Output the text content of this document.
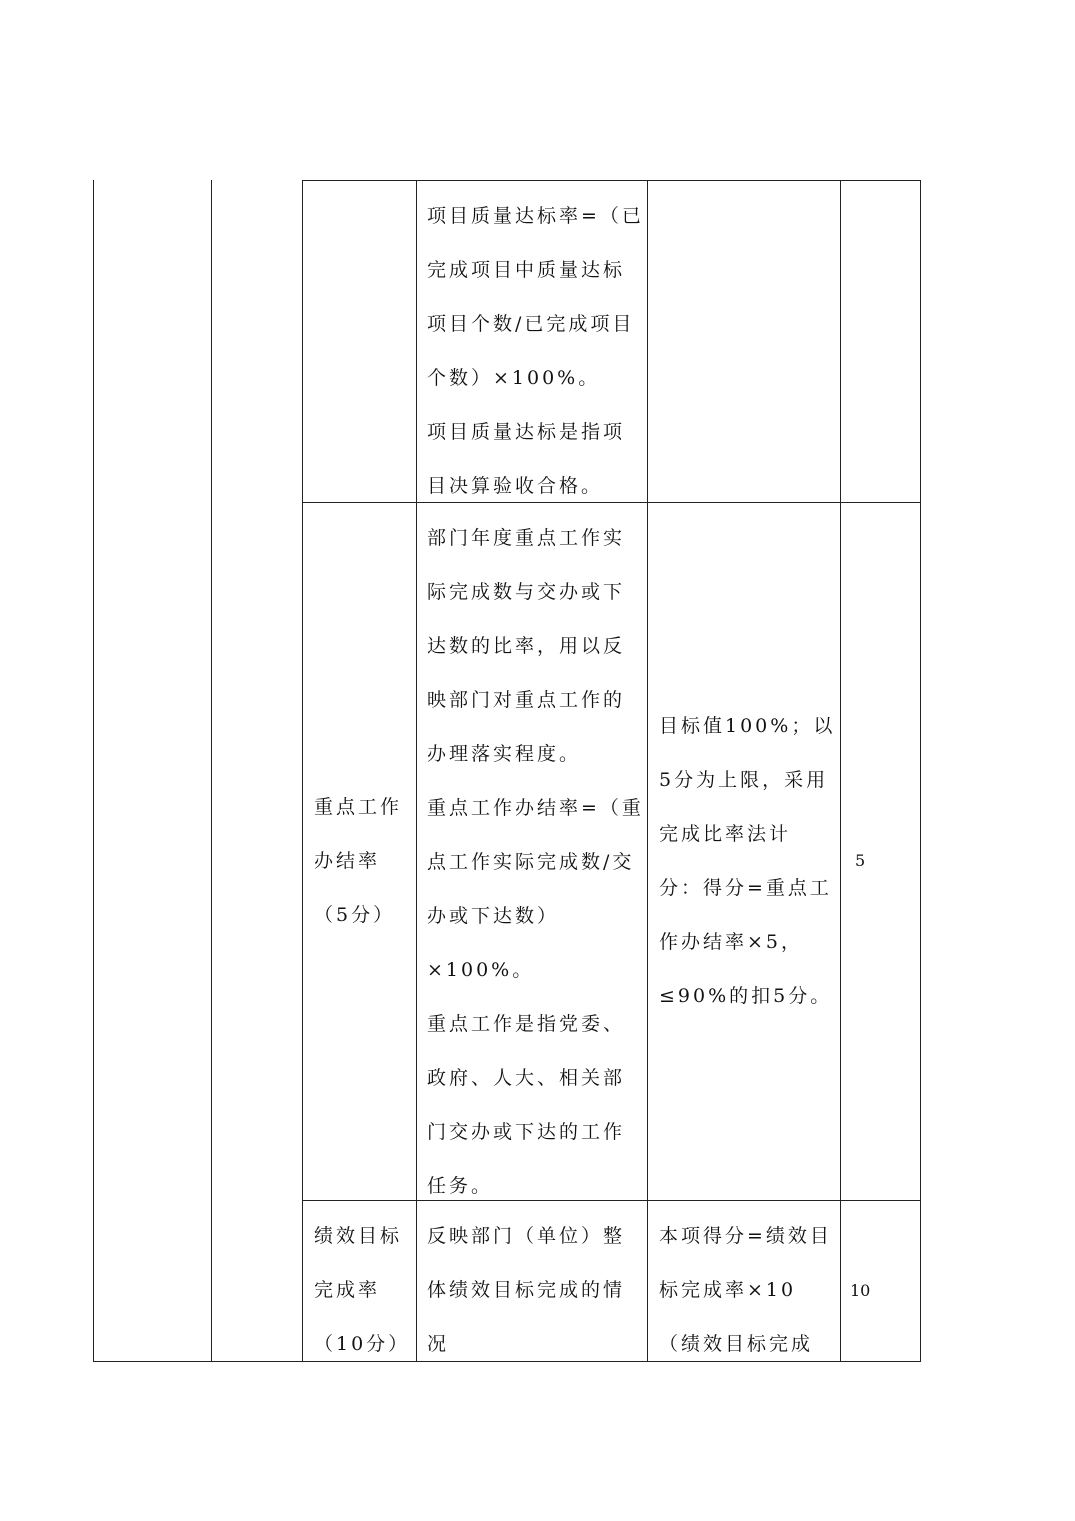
项目质量达标率=（已

完成项目中质量达标

项目个数/已完成项目

个数）×100%。

项目质量达标是指项

目决算验收合格。

重点工作

办结率

（5分）

部门年度重点工作实

际完成数与交办或下

达数的比率，用以反

映部门对重点工作的

办理落实程度。

重点工作办结率=（重

点工作实际完成数/交

办或下达数）

×100%。

重点工作是指党委、

政府、人大、相关部

门交办或下达的工作

任务。

目标值100%；以

5分为上限，采用

完成比率法计

分：得分=重点工

作办结率×5，

≤90%的扣5分。

5

绩效目标

完成率

（10分）

反映部门（单位）整

体绩效目标完成的情

况

本项得分=绩效目

标完成率×10

（绩效目标完成

10
